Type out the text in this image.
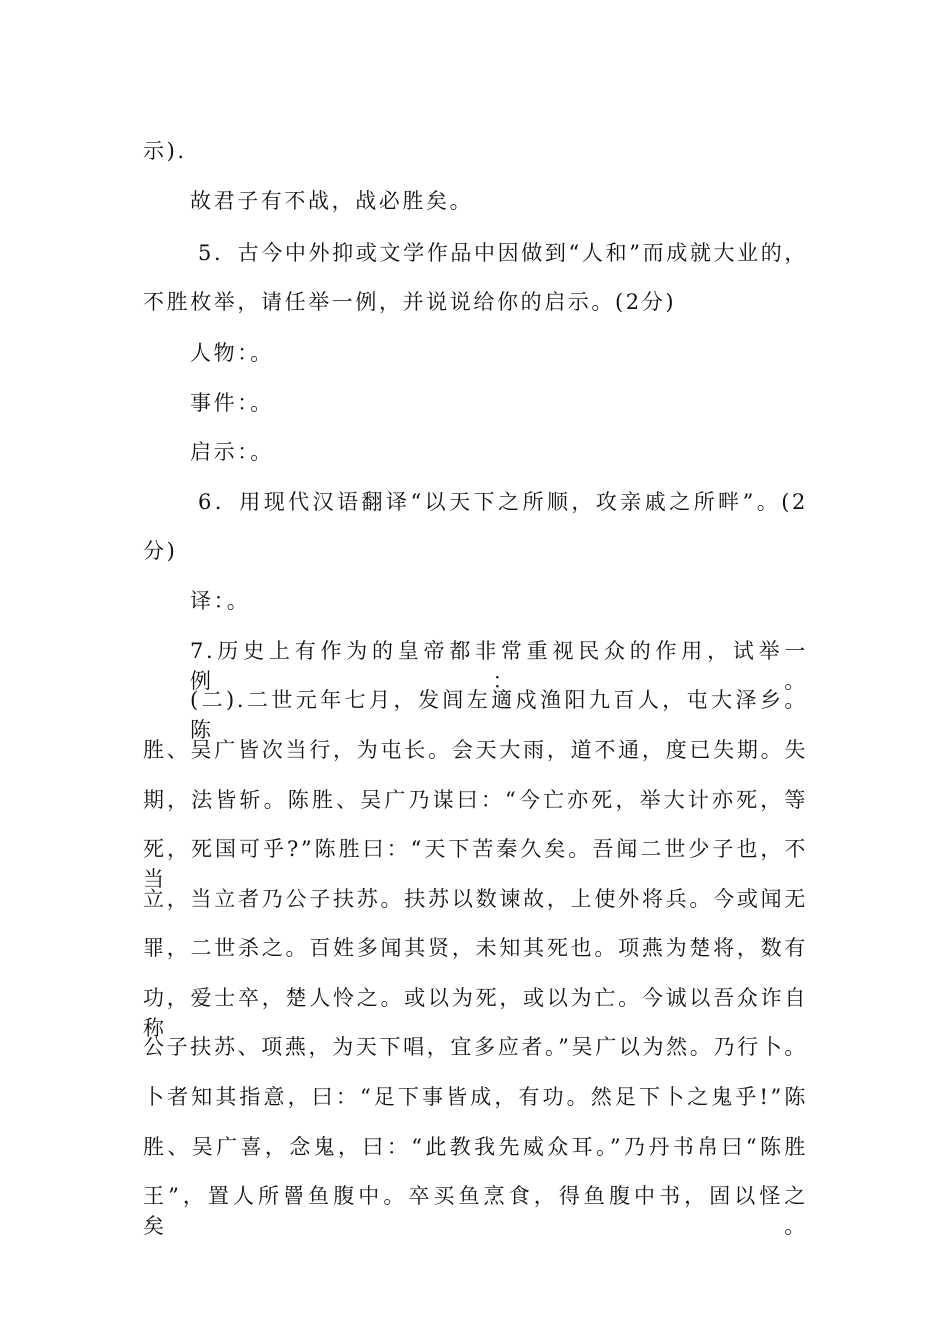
示).
故君子有不战，战必胜矣。
5．古今中外抑或文学作品中因做到“人和”而成就大业的，
不胜枚举，请任举一例，并说说给你的启示。(2分)
人物：。
事件：。
启示：。
6．用现代汉语翻译“以天下之所顺，攻亲戚之所畔”。(2
分)
译：。
7.历史上有作为的皇帝都非常重视民众的作用，试举一例：。
(二).二世元年七月，发闾左適戍渔阳九百人，屯大泽乡。陈
胜、吴广皆次当行，为屯长。会天大雨，道不通，度已失期。失
期，法皆斩。陈胜、吴广乃谋曰：“今亡亦死，举大计亦死，等
死，死国可乎?”陈胜曰：“天下苦秦久矣。吾闻二世少子也，不当
立，当立者乃公子扶苏。扶苏以数谏故，上使外将兵。今或闻无
罪，二世杀之。百姓多闻其贤，未知其死也。项燕为楚将，数有
功，爱士卒，楚人怜之。或以为死，或以为亡。今诚以吾众诈自称
公子扶苏、项燕，为天下唱，宜多应者。”吴广以为然。乃行卜。
卜者知其指意，曰：“足下事皆成，有功。然足下卜之鬼乎!”陈
胜、吴广喜，念鬼，曰：“此教我先威众耳。”乃丹书帛曰“陈胜
王”，置人所罾鱼腹中。卒买鱼烹食，得鱼腹中书，固以怪之矣。
